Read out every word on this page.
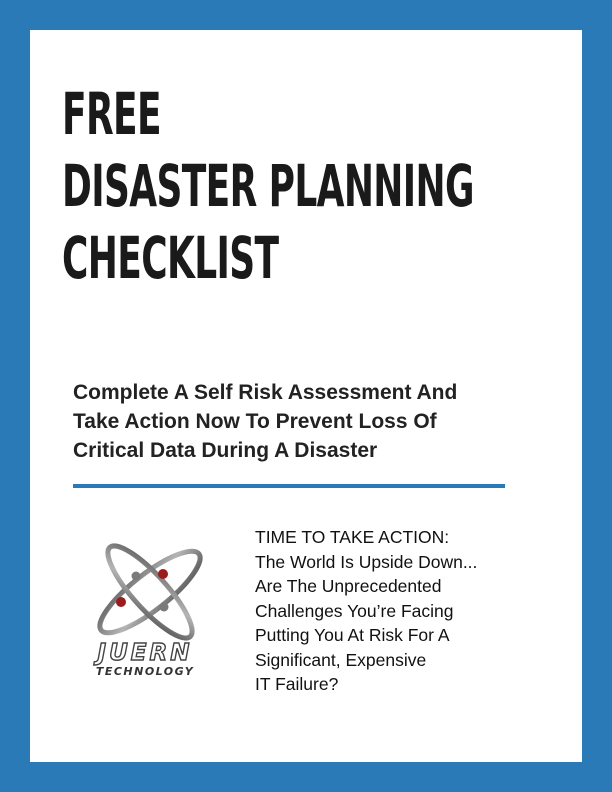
FREE
DISASTER PLANNING
CHECKLIST
Complete A Self Risk Assessment And
Take Action Now To Prevent Loss Of
Critical Data During A Disaster
JUERN
TECHNOLOGY

TIME TO TAKE ACTION:
The World Is Upside Down...
Are The Unprecedented
Challenges You’re Facing
Putting You At Risk For A
Significant, Expensive
IT Failure?
